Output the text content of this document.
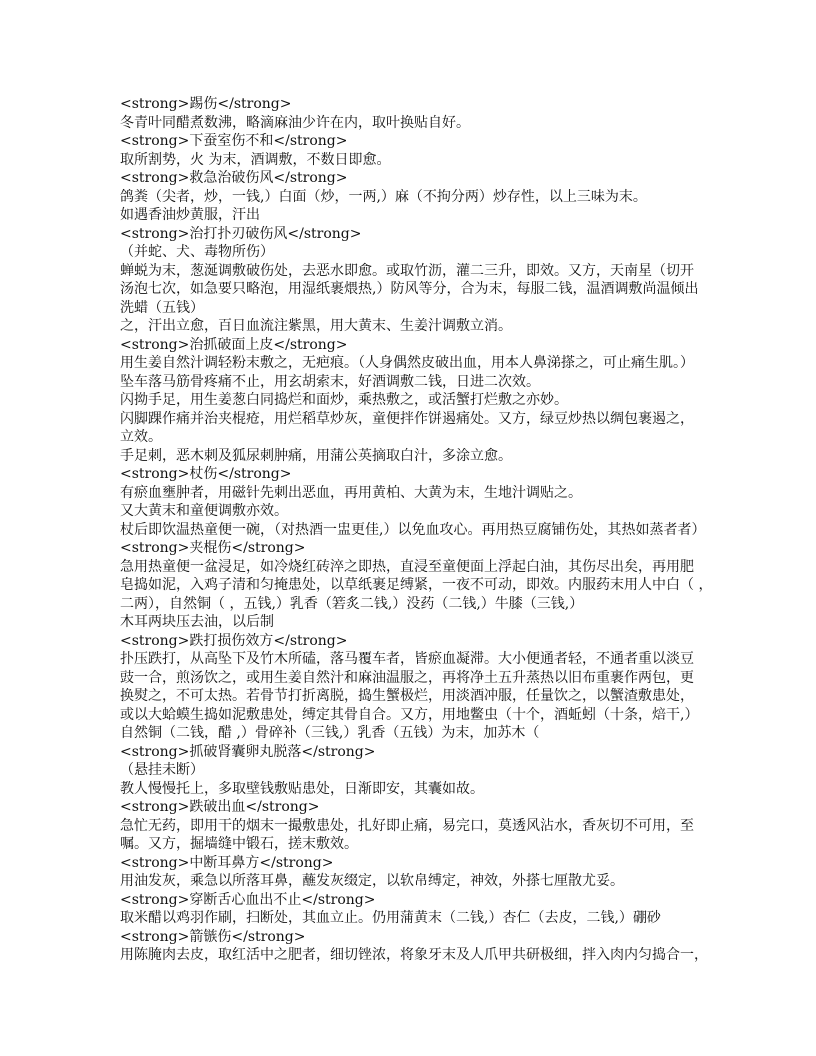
<strong>踢伤</strong>
冬青叶同醋煮数沸，略滴麻油少许在内，取叶换贴自好。
<strong>下蚕室伤不和</strong>
取所割势，火 为末，酒调敷，不数日即愈。
<strong>救急治破伤风</strong>
鸽粪（尖者，炒，一钱,）白面（炒，一两,）麻（不拘分两）炒存性，以上三味为末。
如遇香油炒黄服，汗出
<strong>治打扑刃破伤风</strong>
（并蛇、犬、毒物所伤）
蝉蜕为末，葱涎调敷破伤处，去恶水即愈。或取竹沥，灌二三升，即效。又方，天南星（切开
汤泡七次，如急要只略泡，用湿纸裹煨热,）防风等分，合为末，每服二钱，温酒调敷尚温倾出
洗蜡（五钱）
之，汗出立愈，百日血流注紫黑，用大黄末、生姜汁调敷立消。
<strong>治抓破面上皮</strong>
用生姜自然汁调轻粉末敷之，无疤痕。（人身偶然皮破出血，用本人鼻涕搽之，可止痛生肌。）
坠车落马筋骨疼痛不止，用玄胡索末，好酒调敷二钱，日进二次效。
闪拗手足，用生姜葱白同捣烂和面炒，乘热敷之，或活蟹打烂敷之亦妙。
闪脚踝作痛并治夹棍疮，用烂稻草炒灰，童便拌作饼遏痛处。又方，绿豆炒热以绸包裹遏之，
立效。
手足刺，恶木刺及狐尿刺肿痛，用蒲公英摘取白汁，多涂立愈。
<strong>杖伤</strong>
有瘀血壅肿者，用磁针先刺出恶血，再用黄柏、大黄为末，生地汁调贴之。
又大黄末和童便调敷亦效。
杖后即饮温热童便一碗，（对热酒一盅更佳,）以免血攻心。再用热豆腐铺伤处，其热如蒸者者）
<strong>夹棍伤</strong>
急用热童便一盆浸足，如冷烧红砖淬之即热，直浸至童便面上浮起白油，其伤尽出矣，再用肥
皂捣如泥，入鸡子清和匀掩患处，以草纸裹足缚紧，一夜不可动，即效。内服药末用人中白（ ，
二两），自然铜（ ，五钱,）乳香（箬炙二钱,）没药（二钱,）牛膝（三钱,）
木耳两块压去油，以后制
<strong>跌打损伤效方</strong>
扑压跌打，从高坠下及竹木所磕，落马覆车者，皆瘀血凝滞。大小便通者轻，不通者重以淡豆
豉一合，煎汤饮之，或用生姜自然汁和麻油温服之，再将净土五升蒸热以旧布重裹作两包，更
换熨之，不可太热。若骨节打折离脱，捣生蟹极烂，用淡酒冲服，任量饮之，以蟹渣敷患处，
或以大蛤蟆生捣如泥敷患处，缚定其骨自合。又方，用地鳖虫（十个，酒蚯蚓（十条，焙干,）
自然铜（二钱，醋 ,）骨碎补（三钱,）乳香（五钱）为末，加苏木（
<strong>抓破肾囊卵丸脱落</strong>
（悬挂未断）
教人慢慢托上，多取壁钱敷贴患处，日渐即安，其囊如故。
<strong>跌破出血</strong>
急忙无药，即用干的烟末一撮敷患处，扎好即止痛，易完口，莫透风沾水，香灰切不可用，至
嘱。又方，掘墙缝中锻石，搓末敷效。
<strong>中断耳鼻方</strong>
用油发灰，乘急以所落耳鼻，蘸发灰缀定，以软帛缚定，神效，外搽七厘散尤妥。
<strong>穿断舌心血出不止</strong>
取米醋以鸡羽作刷，扫断处，其血立止。仍用蒲黄末（二钱,）杏仁（去皮，二钱,）硼砂
<strong>箭镞伤</strong>
用陈腌肉去皮，取红活中之肥者，细切锉浓，将象牙末及人爪甲共研极细，拌入肉内匀捣合一，
